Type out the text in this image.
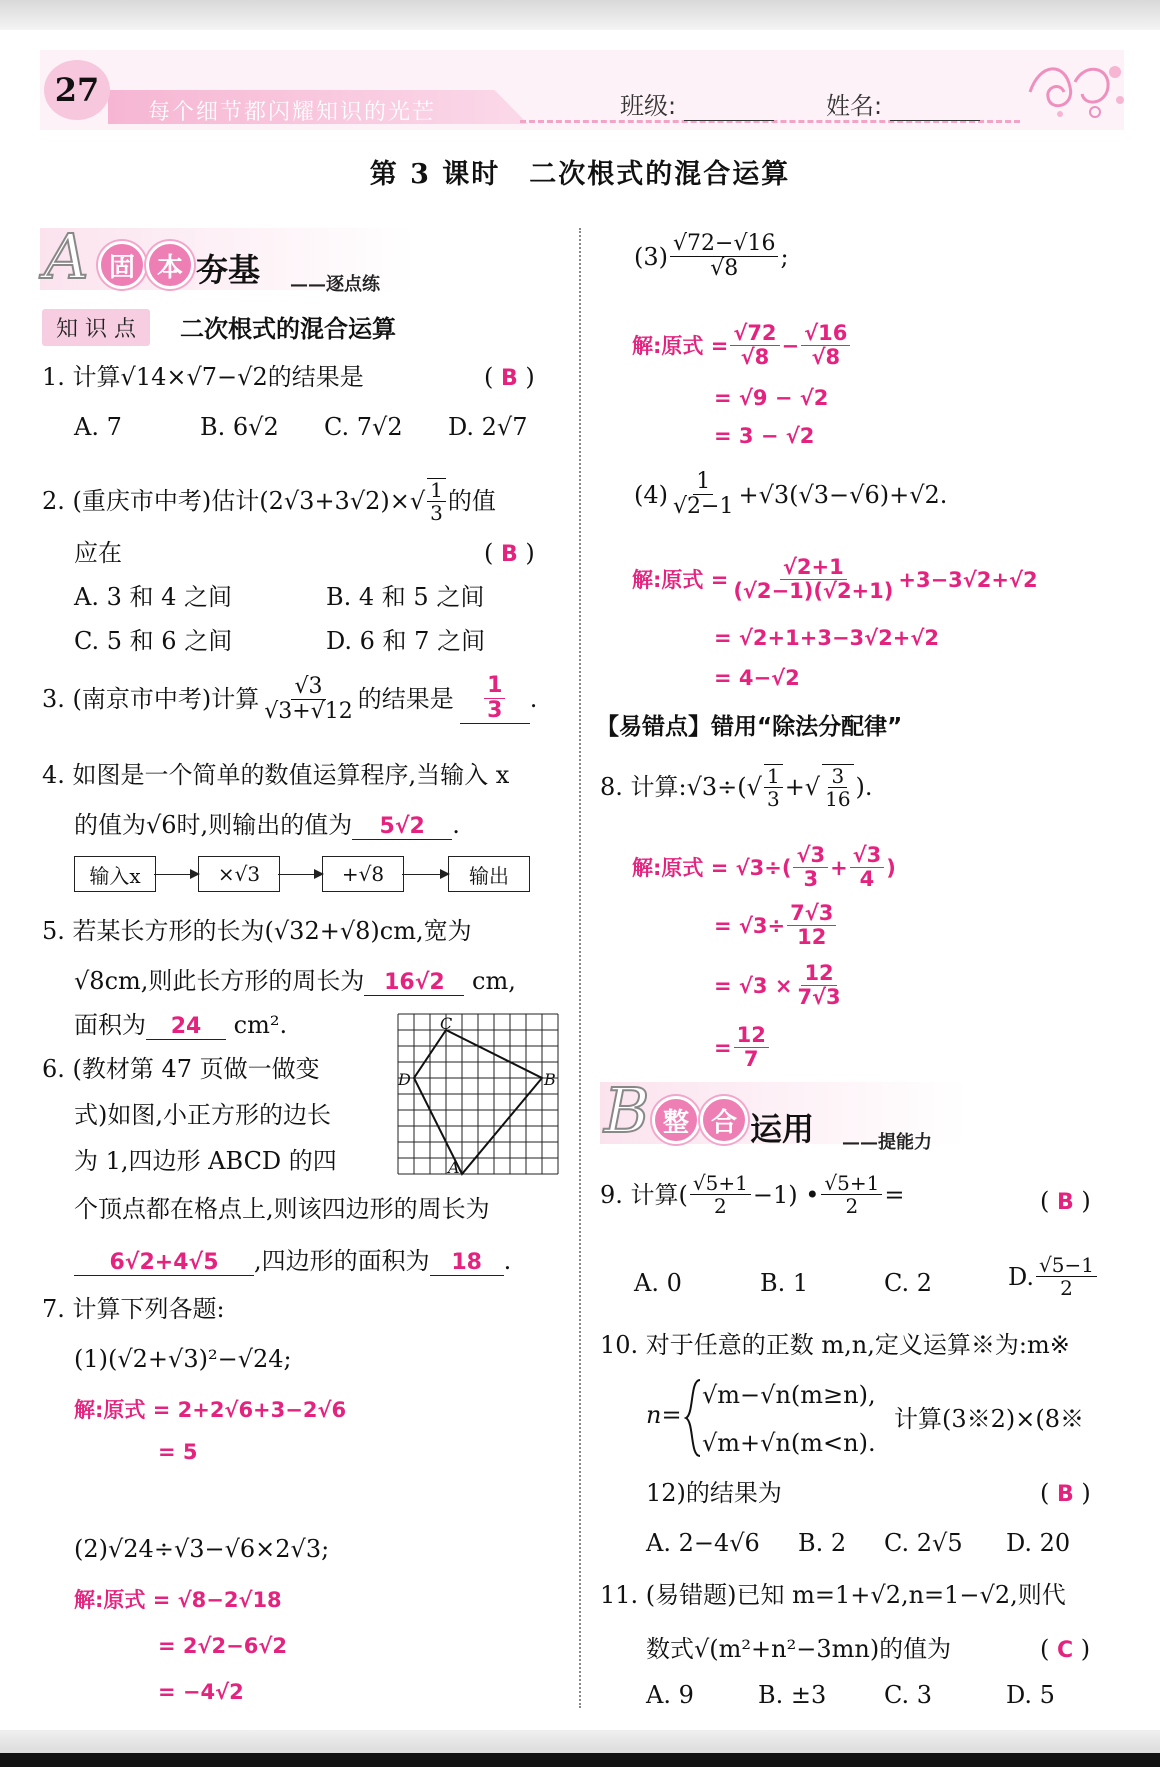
每个细节都闪耀知识的光芒
27	班级:	姓名:
第 3 课时　二次根式的混合运算
A 固 本 夯基 ——逐点练
知 识 点	二次根式的混合运算
1. 计算√14×√7−√2的结果是	( B )
A. 7	B. 6√2 C. 7√2 D. 2√7
2. (重庆市中考)估计(2√3+3√2)× √ $\frac{1}{3}$ 的值
应在	( B )
A. 3 和 4 之间	B. 4 和 5 之间
C. 5 和 6 之间	D. 6 和 7 之间
3. (南京市中考)计算 $\frac{√3}{√3+√12}$ 的结果是 $\frac{1}{3}$ .
4. 如图是一个简单的数值运算程序,当输入 x
的值为√6时,则输出的值为 5√2 .
输入x	×√3	+√8	输出
5. 若某长方形的长为(√32+√8)cm,宽为
√8cm,则此长方形的周长为 16√2 cm,
面积为 24 cm².	C
D	B
A
6. (教材第 47 页做一做变
式)如图,小正方形的边长
为 1,四边形 ABCD 的四
个顶点都在格点上,则该四边形的周长为
6√2+4√5 ,四边形的面积为 18 .
7. 计算下列各题:
(1)(√2+√3)²−√24;
解:原式 = 2+2√6+3−2√6
= 5
(2)√24÷√3−√6×2√3;
解:原式 = √8−2√18
= 2√2−6√2
= −4√2
$(3) \frac{√72-√16}{√8}$ ;
解:原式 = $\frac{√72}{√8} - \frac{√16}{√8}$
= √9 − √2
= 3 − √2
$(4) \frac{1}{√2-1} +√3(√3-√6)+√2$.
解:原式 = $\frac{√2+1}{(√2-1)(√2+1)} +3-3√2+√2$
= √2+1+3−3√2+√2
= 4−√2
【易错点】错用“除法分配律”
8. 计算:√3÷( √ $\frac{1}{3}$ + √ $\frac{3}{16}$ ).
解:原式 = $√3\div( \frac{√3}{3} + \frac{√3}{4}$ )
= $√3\div \frac{7√3}{12}$
= $√3 \times \frac{12}{7√3}$
= $\frac{12}{7}$
B 整 合 运用 ——提能力
9. 计算( $\frac{√5+1}{2} -1$) • $\frac{√5+1}{2}$ =	( B )
A. 0	B. 1	C. 2	D. $\frac{√5-1}{2}$
10. 对于任意的正数 m,n,定义运算※为:m※
n=
√m−√n(m≥n),
√m+√n(m<n).
计算(3※2)×(8※
12)的结果为	( B )
A. 2−4√6 B. 2 C. 2√5 D. 20
11. (易错题)已知 m=1+√2,n=1−√2,则代
数式√(m²+n²−3mn)的值为	( C )
A. 9	B. ±3 C. 3	D. 5
